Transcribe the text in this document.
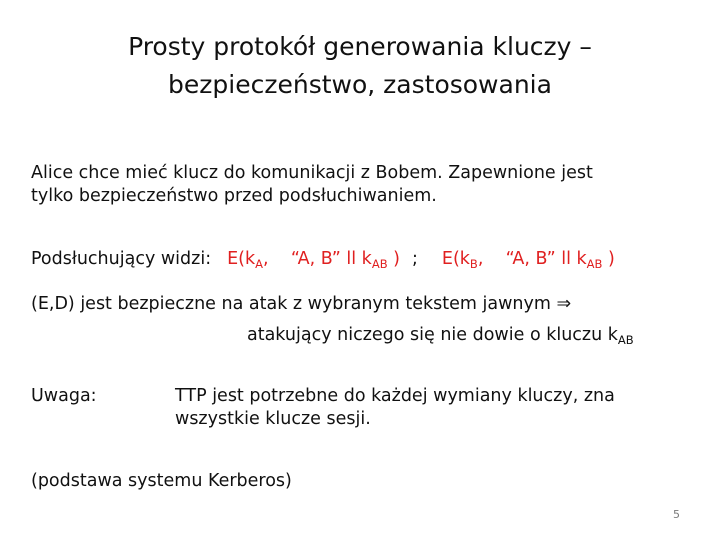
Prosty protokół generowania kluczy –
bezpieczeństwo, zastosowania
Alice chce mieć klucz do komunikacji z Bobem. Zapewnione jest
tylko bezpieczeństwo przed podsłuchiwaniem.
Podsłuchujący widzi: $E(k_A$,    “A, B” ll $k_{AB}$ ) ; $E(k_B$,    “A, B” ll $k_{AB}$ )
(E,D) jest bezpieczne na atak z wybranym tekstem jawnym ⇒
atakujący niczego się nie dowie o kluczu $k_{AB}$
Uwaga:	TTP jest potrzebne do każdej wymiany kluczy, zna
wszystkie klucze sesji.
(podstawa systemu Kerberos)
5
